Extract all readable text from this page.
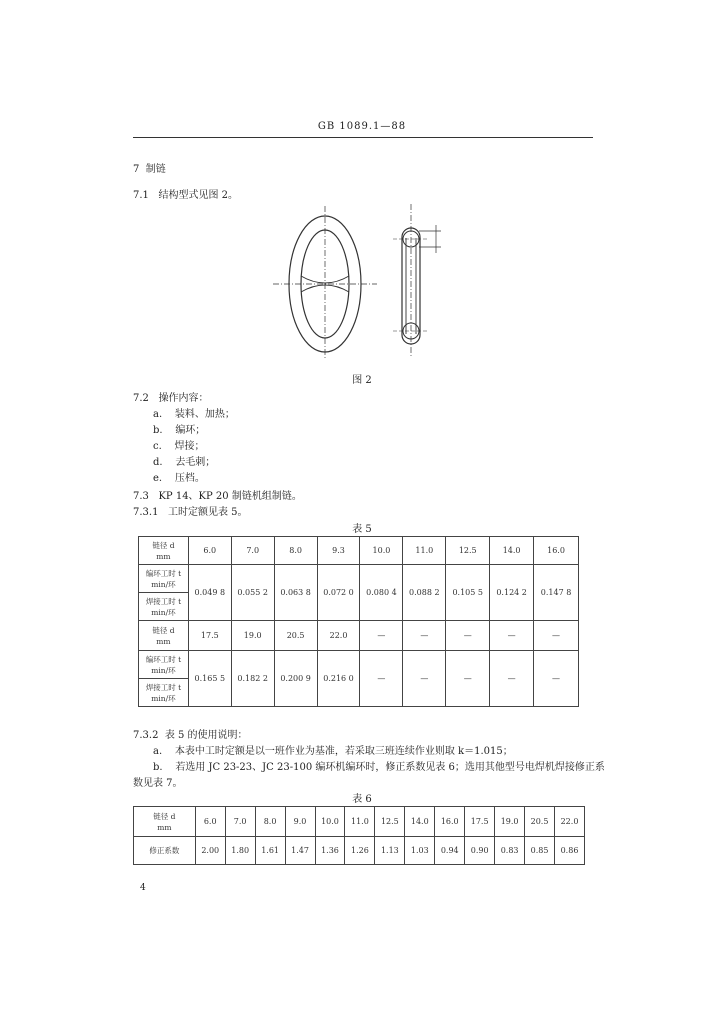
GB 1089.1—88
7 制链
7.1 结构型式见图 2。
图 2
7.2 操作内容：
a. 装料、加热；
b. 编环；
c. 焊接；
d. 去毛刺；
e. 压档。
7.3 KP 14、KP 20 制链机组制链。
7.3.1 工时定额见表 5。
表 5
链径 d
mm	6.0	7.0	8.0	9.3	10.0	11.0	12.5	14.0	16.0
编环工时 t
min/环	0.049 8	0.055 2	0.063 8	0.072 0	0.080 4	0.088 2	0.105 5	0.124 2	0.147 8
焊接工时 t
min/环									
链径 d
mm	17.5	19.0	20.5	22.0	—	—	—	—	—
编环工时 t
min/环	0.165 5	0.182 2	0.200 9	0.216 0	—	—	—	—	—
焊接工时 t
min/环									
7.3.2 表 5 的使用说明：
a. 本表中工时定额是以一班作业为基准，若采取三班连续作业则取 k＝1.015；
b. 若选用 JC 23-23、JC 23-100 编环机编环时，修正系数见表 6；选用其他型号电焊机焊接修正系
数见表 7。
表 6
链径 d
mm	6.0	7.0	8.0	9.0	10.0	11.0	12.5	14.0	16.0	17.5	19.0	20.5	22.0
修正系数	2.00	1.80	1.61	1.47	1.36	1.26	1.13	1.03	0.94	0.90	0.83	0.85	0.86
4
